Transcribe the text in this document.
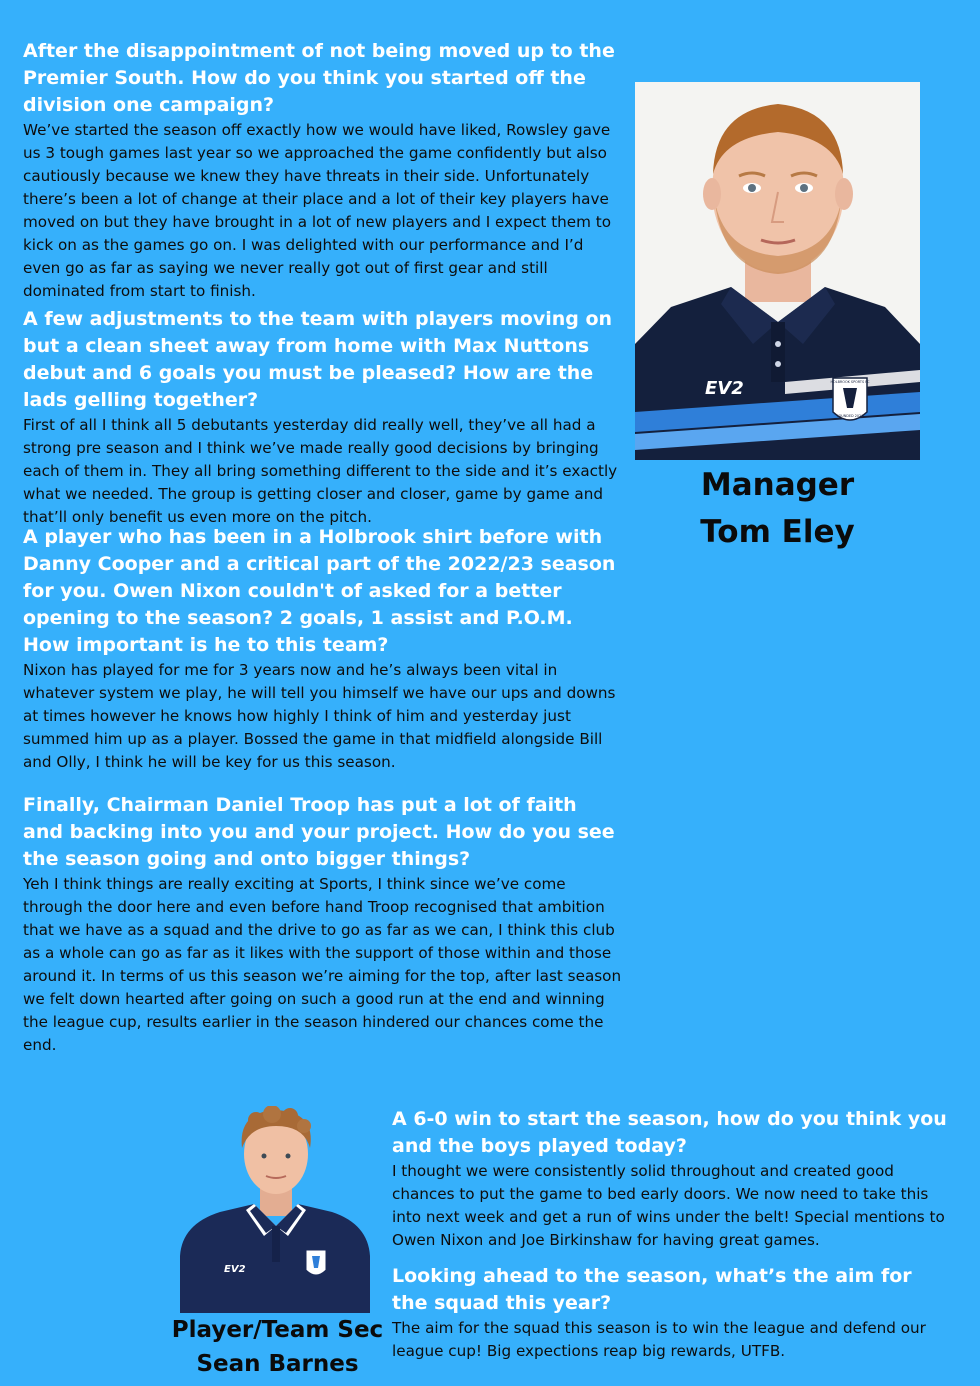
After the disappointment of not being moved up to the Premier South. How do you think you started off the division one campaign?

We’ve started the season off exactly how we would have liked, Rowsley gave us 3 tough games last year so we approached the game confidently but also cautiously because we knew they have threats in their side. Unfortunately there’s been a lot of change at their place and a lot of their key players have moved on but they have brought in a lot of new players and I expect them to kick on as the games go on. I was delighted with our performance and I’d even go as far as saying we never really got out of first gear and still dominated from start to finish.

A few adjustments to the team with players moving on but a clean sheet away from home with Max Nuttons debut and 6 goals you must be pleased? How are the lads gelling together?

First of all I think all 5 debutants yesterday did really well, they’ve all had a strong pre season and I think we’ve made really good decisions by bringing each of them in. They all bring something different to the side and it’s exactly what we needed. The group is getting closer and closer, game by game and that’ll only benefit us even more on the pitch.

A player who has been in a Holbrook shirt before with Danny Cooper and a critical part of the 2022/23 season for you. Owen Nixon couldn't of asked for a better opening to the season? 2 goals, 1 assist and P.O.M. How important is he to this team?

Nixon has played for me for 3 years now and he’s always been vital in whatever system we play, he will tell you himself we have our ups and downs at times however he knows how highly I think of him and yesterday just summed him up as a player. Bossed the game in that midfield alongside Bill and Olly, I think he will be key for us this season.

Finally, Chairman Daniel Troop has put a lot of faith and backing into you and your project. How do you see the season going and onto bigger things?

Yeh I think things are really exciting at Sports, I think since we’ve come through the door here and even before hand Troop recognised that ambition that we have as a squad and the drive to go as far as we can, I think this club as a whole can go as far as it likes with the support of those within and those around it. In terms of us this season we’re aiming for the top, after last season we felt down hearted after going on such a good run at the end and winning the league cup, results earlier in the season hindered our chances come the end.

EV2	HOLBROOK SPORTS FC
FOUNDED 2021
Manager
Tom Eley
EV2
Player/Team Sec
Sean Barnes

A 6-0 win to start the season, how do you think you and the boys played today?

I thought we were consistently solid throughout and created good chances to put the game to bed early doors. We now need to take this into next week and get a run of wins under the belt! Special mentions to Owen Nixon and Joe Birkinshaw for having great games.

Looking ahead to the season, what’s the aim for the squad this year?

The aim for the squad this season is to win the league and defend our league cup! Big expections reap big rewards, UTFB.
